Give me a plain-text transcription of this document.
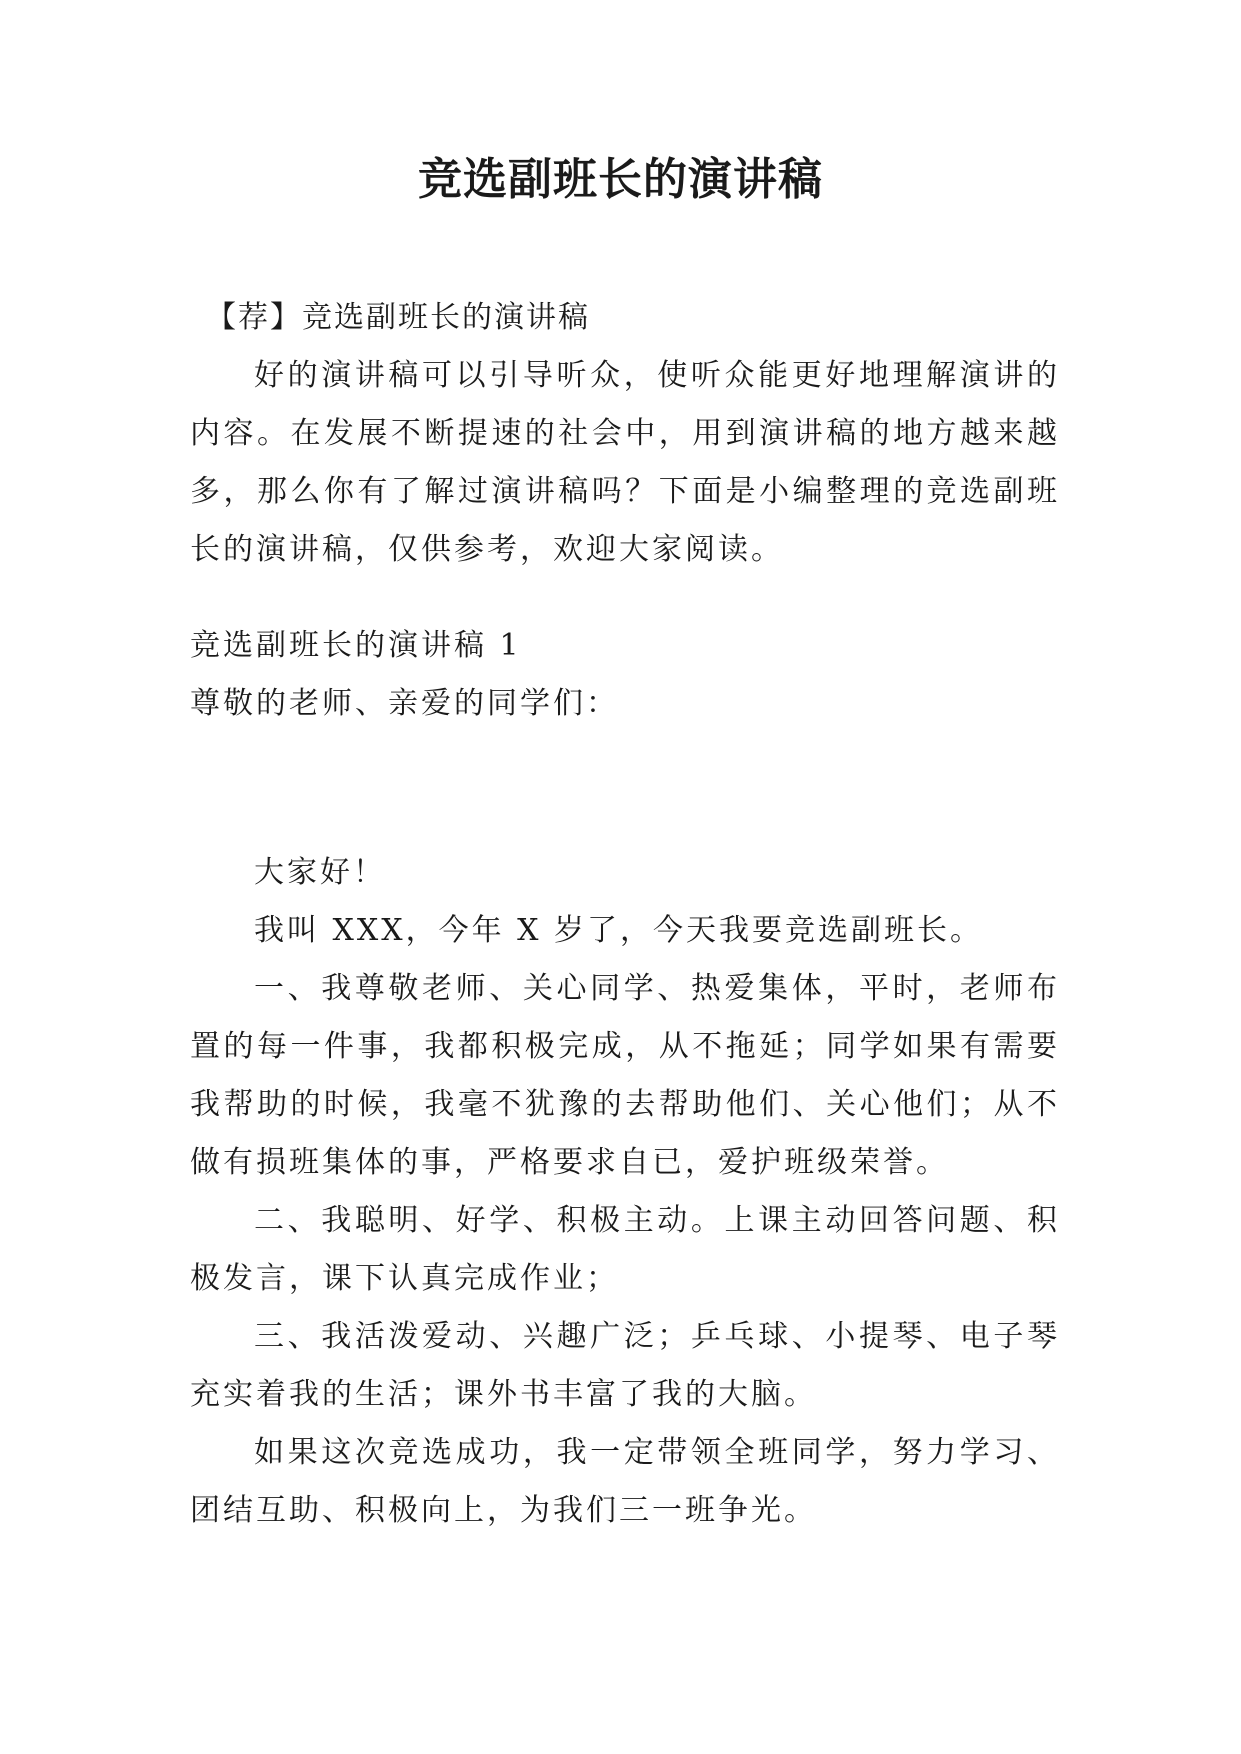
竞选副班长的演讲稿
【荐】竞选副班长的演讲稿

好的演讲稿可以引导听众，使听众能更好地理解演讲的内容。在发展不断提速的社会中，用到演讲稿的地方越来越多，那么你有了解过演讲稿吗？下面是小编整理的竞选副班长的演讲稿，仅供参考，欢迎大家阅读。

竞选副班长的演讲稿 1

尊敬的老师、亲爱的同学们：

大家好！

我叫 XXX，今年 X 岁了，今天我要竞选副班长。

一、我尊敬老师、关心同学、热爱集体，平时，老师布置的每一件事，我都积极完成，从不拖延；同学如果有需要我帮助的时候，我毫不犹豫的去帮助他们、关心他们；从不做有损班集体的事，严格要求自已，爱护班级荣誉。

二、我聪明、好学、积极主动。上课主动回答问题、积极发言，课下认真完成作业；

三、我活泼爱动、兴趣广泛；乒乓球、小提琴、电子琴充实着我的生活；课外书丰富了我的大脑。

如果这次竞选成功，我一定带领全班同学，努力学习、团结互助、积极向上，为我们三一班争光。
